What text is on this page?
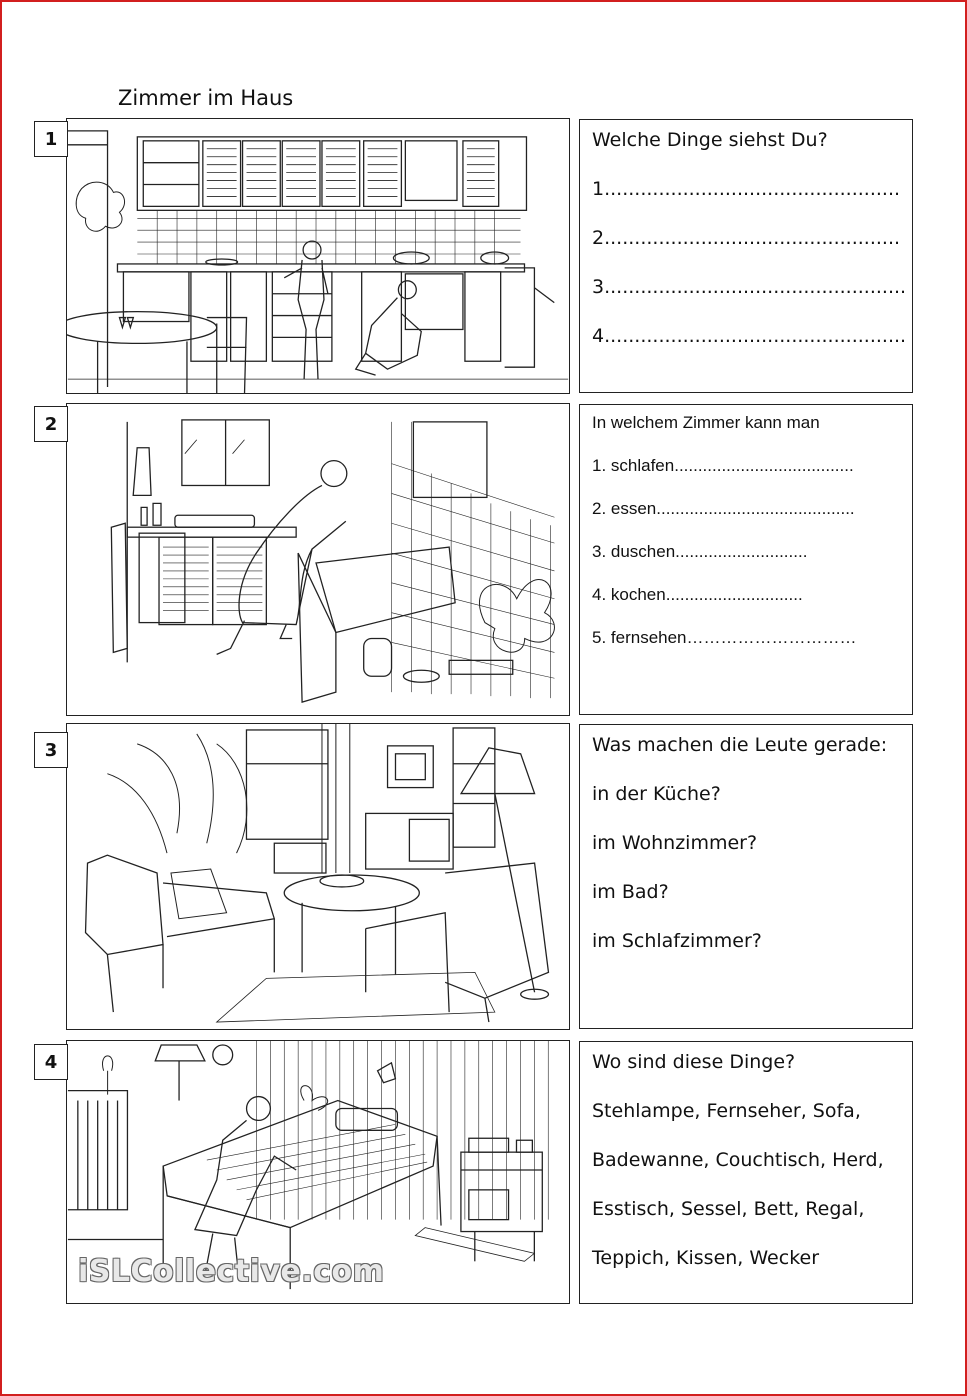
Zimmer im Haus
1	Welche Dinge siehst Du?
1.................................................
2.................................................
3..................................................
4..................................................
2	In welchem Zimmer kann man
1. schlafen......................................
2. essen..........................................
3. duschen............................
4. kochen.............................
5. fernsehen…………………………
3	Was machen die Leute gerade:
in der Küche?
im Wohnzimmer?
im Bad?
im Schlafzimmer?
4	Wo sind diese Dinge?
Stehlampe, Fernseher, Sofa,
Badewanne, Couchtisch, Herd,
Esstisch, Sessel, Bett, Regal,
Teppich, Kissen, Wecker
iSLCollective.com
